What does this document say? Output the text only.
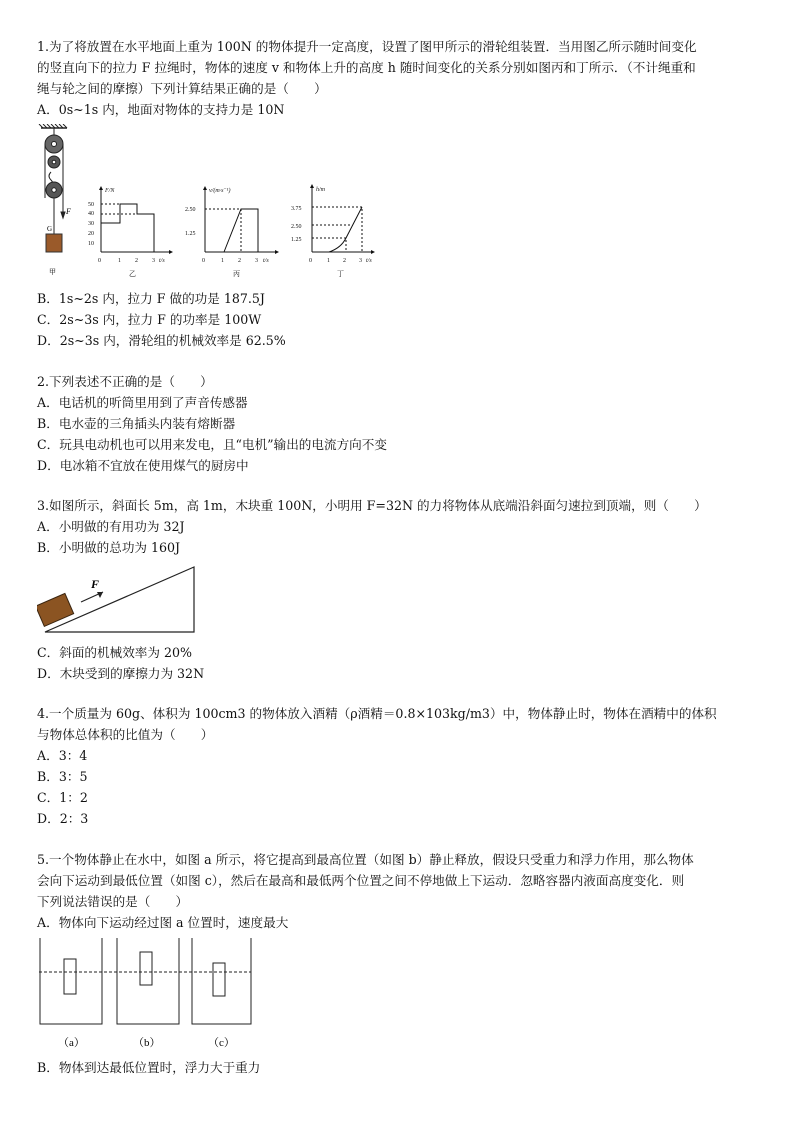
1.为了将放置在水平地面上重为 100N 的物体提升一定高度，设置了图甲所示的滑轮组装置．当用图乙所示随时间变化
的竖直向下的拉力 F 拉绳时，物体的速度 v 和物体上升的高度 h 随时间变化的关系分别如图丙和丁所示．（不计绳重和
绳与轮之间的摩擦）下列计算结果正确的是（　　）
A．0s~1s 内，地面对物体的支持力是 10N
F
G
甲
F/N
50
40
30
20
10
0	1 2 3 t/s
乙
v/(m·s⁻¹)
2.50
1.25
0	1 2 3 t/s
丙
h/m
3.75
2.50
1.25
0	1 2 3 t/s
丁
B．1s~2s 内，拉力 F 做的功是 187.5J
C．2s~3s 内，拉力 F 的功率是 100W
D．2s~3s 内，滑轮组的机械效率是 62.5%
2.下列表述不正确的是（　　）
A．电话机的听筒里用到了声音传感器
B．电水壶的三角插头内装有熔断器
C．玩具电动机也可以用来发电，且“电机”输出的电流方向不变
D．电冰箱不宜放在使用煤气的厨房中
3.如图所示，斜面长 5m，高 1m，木块重 100N，小明用 F=32N 的力将物体从底端沿斜面匀速拉到顶端，则（　　）
A．小明做的有用功为 32J
B．小明做的总功为 160J
F
C．斜面的机械效率为 20%
D．木块受到的摩擦力为 32N
4.一个质量为 60g、体积为 100cm3 的物体放入酒精（ρ酒精＝0.8×103kg/m3）中，物体静止时，物体在酒精中的体积
与物体总体积的比值为（　　）
A．3：4
B．3：5
C．1：2
D．2：3
5.一个物体静止在水中，如图 a 所示，将它提高到最高位置（如图 b）静止释放，假设只受重力和浮力作用，那么物体
会向下运动到最低位置（如图 c），然后在最高和最低两个位置之间不停地做上下运动．忽略容器内液面高度变化．则
下列说法错误的是（　　）
A．物体向下运动经过图 a 位置时，速度最大
（a）	（b）	（c）
B．物体到达最低位置时，浮力大于重力
